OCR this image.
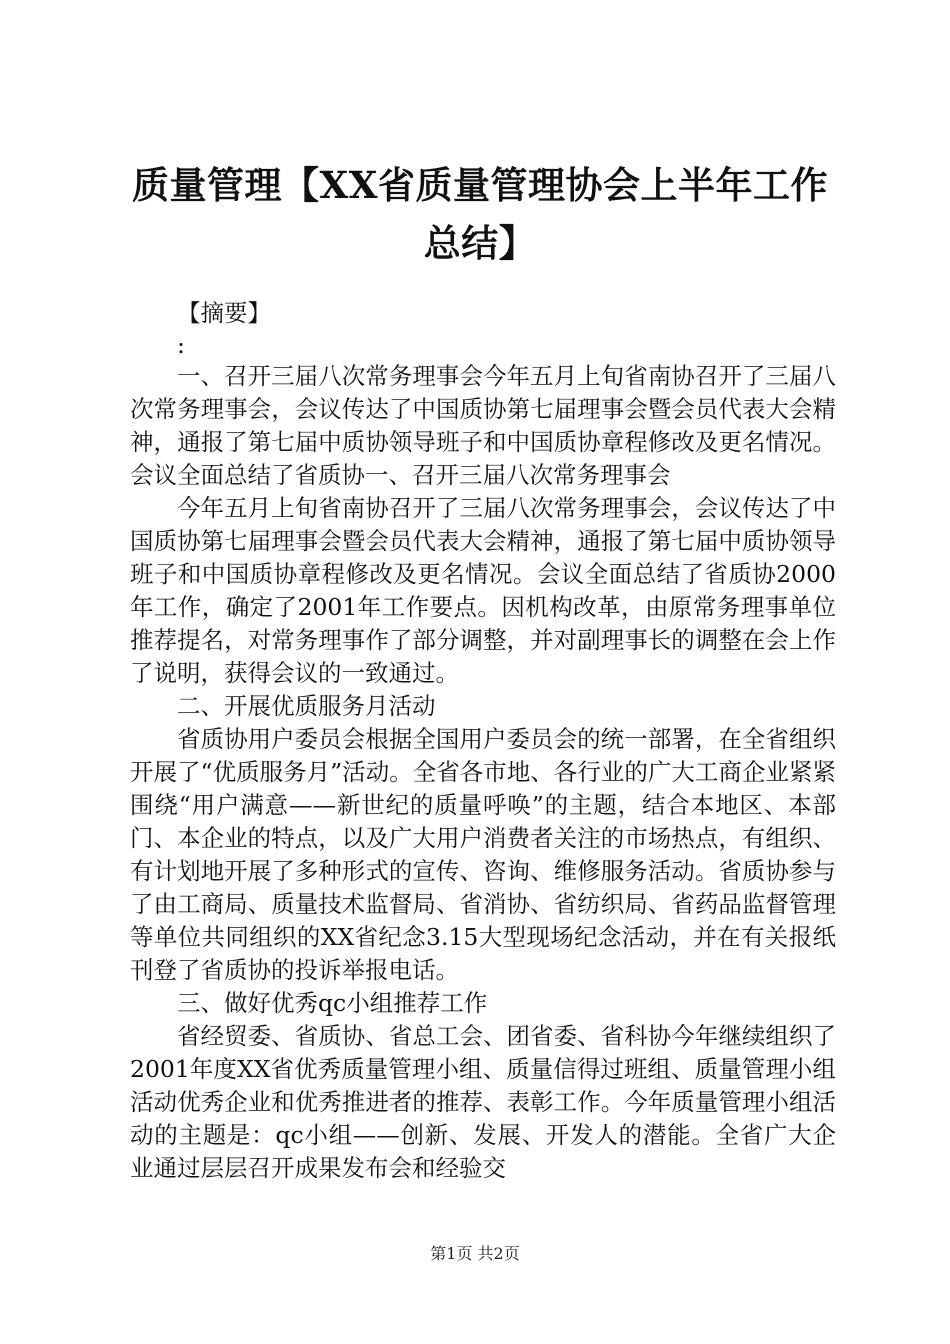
质量管理【XX省质量管理协会上半年工作总结】

【摘要】

:

一、召开三届八次常务理事会今年五月上旬省南协召开了三届八次常务理事会，会议传达了中国质协第七届理事会暨会员代表大会精神，通报了第七届中质协领导班子和中国质协章程修改及更名情况。会议全面总结了省质协一、召开三届八次常务理事会

今年五月上旬省南协召开了三届八次常务理事会，会议传达了中国质协第七届理事会暨会员代表大会精神，通报了第七届中质协领导班子和中国质协章程修改及更名情况。会议全面总结了省质协2000年工作，确定了2001年工作要点。因机构改革，由原常务理事单位推荐提名，对常务理事作了部分调整，并对副理事长的调整在会上作了说明，获得会议的一致通过。

二、开展优质服务月活动

省质协用户委员会根据全国用户委员会的统一部署，在全省组织开展了“优质服务月”活动。全省各市地、各行业的广大工商企业紧紧围绕“用户满意——新世纪的质量呼唤”的主题，结合本地区、本部门、本企业的特点，以及广大用户消费者关注的市场热点，有组织、有计划地开展了多种形式的宣传、咨询、维修服务活动。省质协参与了由工商局、质量技术监督局、省消协、省纺织局、省药品监督管理等单位共同组织的XX省纪念3.15大型现场纪念活动，并在有关报纸刊登了省质协的投诉举报电话。

三、做好优秀qc小组推荐工作

省经贸委、省质协、省总工会、团省委、省科协今年继续组织了2001年度XX省优秀质量管理小组、质量信得过班组、质量管理小组活动优秀企业和优秀推进者的推荐、表彰工作。今年质量管理小组活动的主题是：qc小组——创新、发展、开发人的潜能。全省广大企业通过层层召开成果发布会和经验交

第1页 共2页
